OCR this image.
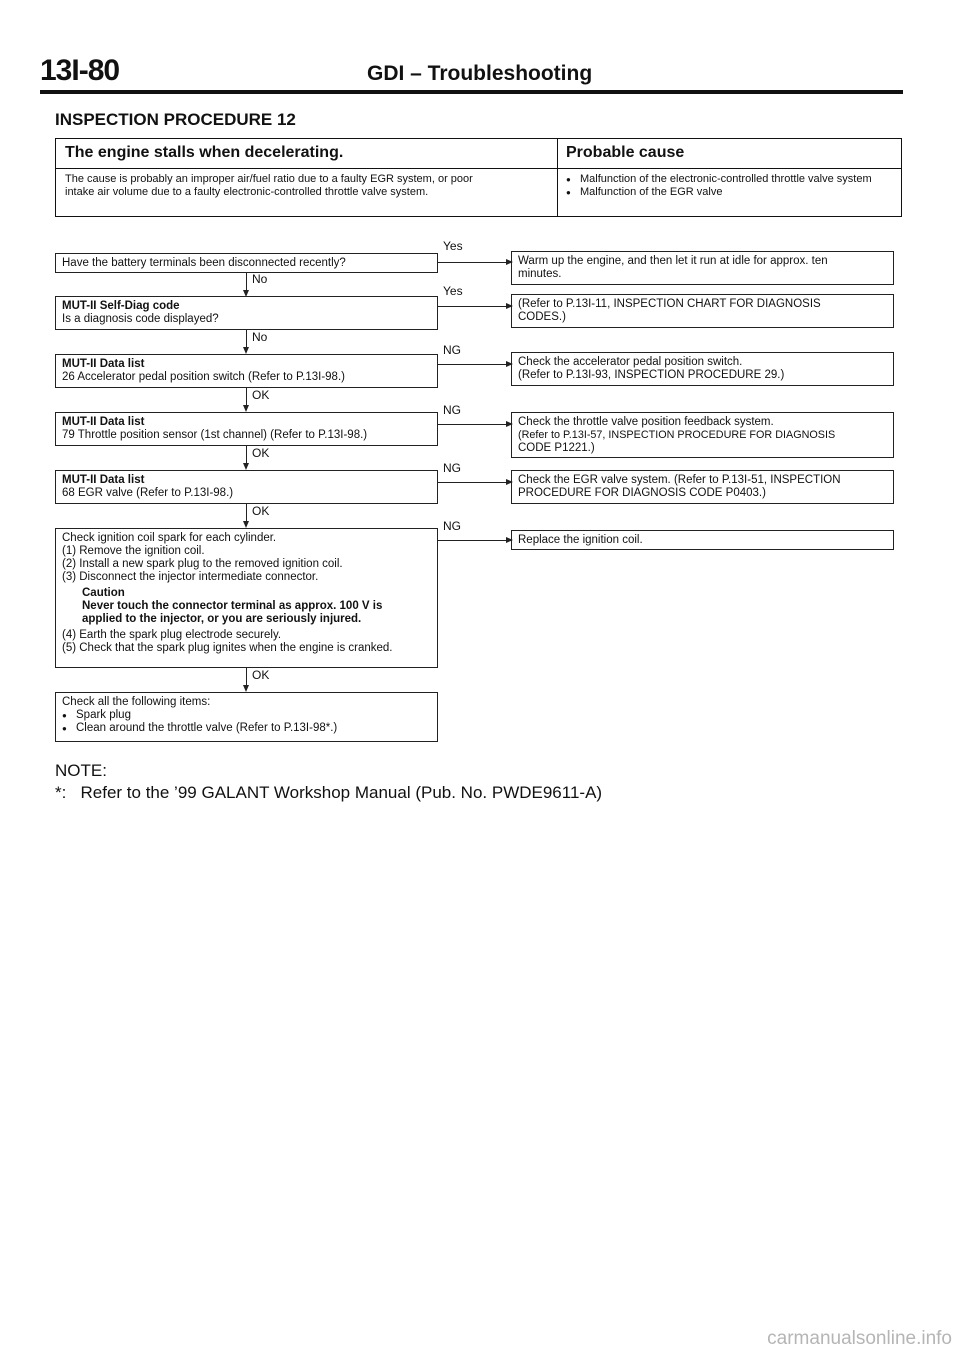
13I-80	GDI – Troubleshooting
INSPECTION PROCEDURE 12
The engine stalls when decelerating.	Probable cause
The cause is probably an improper air/fuel ratio due to a faulty EGR system, or poor
intake air volume due to a faulty electronic-controlled throttle valve system.
● Malfunction of the electronic-controlled throttle valve system
● Malfunction of the EGR valve
Have the battery terminals been disconnected recently?
Yes
Warm up the engine, and then let it run at idle for approx. ten
minutes.
No
MUT-II Self-Diag code
Is a diagnosis code displayed?
Yes
(Refer to P.13I-11, INSPECTION CHART FOR DIAGNOSIS
CODES.)
No
MUT-II Data list
26 Accelerator pedal position switch (Refer to P.13I-98.)
NG
Check the accelerator pedal position switch.
(Refer to P.13I-93, INSPECTION PROCEDURE 29.)
OK
MUT-II Data list
79 Throttle position sensor (1st channel) (Refer to P.13I-98.)
NG
Check the throttle valve position feedback system.
(Refer to P.13I-57, INSPECTION PROCEDURE FOR DIAGNOSIS
CODE P1221.)
OK
MUT-II Data list
68 EGR valve (Refer to P.13I-98.)
NG
Check the EGR valve system. (Refer to P.13I-51, INSPECTION
PROCEDURE FOR DIAGNOSIS CODE P0403.)
OK
Check ignition coil spark for each cylinder.
(1) Remove the ignition coil.
(2) Install a new spark plug to the removed ignition coil.
(3) Disconnect the injector intermediate connector.
Caution
Never touch the connector terminal as approx. 100 V is
applied to the injector, or you are seriously injured.
(4) Earth the spark plug electrode securely.
(5) Check that the spark plug ignites when the engine is cranked.
NG
Replace the ignition coil.
OK
Check all the following items:
● Spark plug
● Clean around the throttle valve (Refer to P.13I-98*.)
NOTE:
*:   Refer to the ’99 GALANT Workshop Manual (Pub. No. PWDE9611-A)
carmanualsonline.info
